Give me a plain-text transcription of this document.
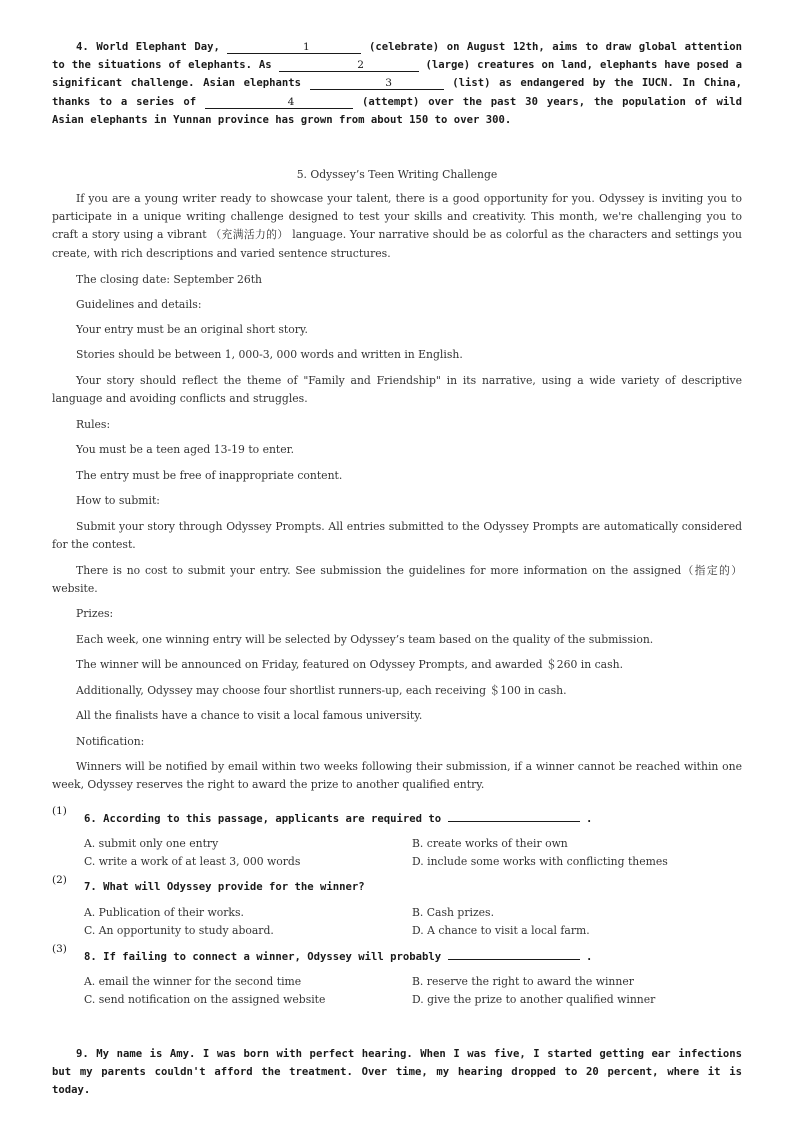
4. World Elephant Day,	1	(celebrate) on August 12th, aims to draw global attention to the situations of elephants. As	2	(large) creatures on land, elephants have posed a significant challenge. Asian elephants	3	(list) as endangered by the IUCN. In China, thanks to a series of	4	(attempt) over the past 30 years, the population of wild Asian elephants in Yunnan province has grown from about 150 to over 300.
5. Odyssey’s Teen Writing Challenge
If you are a young writer ready to showcase your talent, there is a good opportunity for you. Odyssey is inviting you to participate in a unique writing challenge designed to test your skills and creativity. This month, we're challenging you to craft a story using a vibrant （充满活力的） language. Your narrative should be as colorful as the characters and settings you create, with rich descriptions and varied sentence structures.
The closing date: September 26th
Guidelines and details:
Your entry must be an original short story.
Stories should be between 1, 000-3, 000 words and written in English.
Your story should reflect the theme of "Family and Friendship" in its narrative, using a wide variety of descriptive language and avoiding conflicts and struggles.
Rules:
You must be a teen aged 13-19 to enter.
The entry must be free of inappropriate content.
How to submit:
Submit your story through Odyssey Prompts. All entries submitted to the Odyssey Prompts are automatically considered for the contest.
There is no cost to submit your entry. See submission the guidelines for more information on the assigned（指定的） website.
Prizes:
Each week, one winning entry will be selected by Odyssey’s team based on the quality of the submission.
The winner will be announced on Friday, featured on Odyssey Prompts, and awarded ＄260 in cash.
Additionally, Odyssey may choose four shortlist runners-up, each receiving ＄100 in cash.
All the finalists have a chance to visit a local famous university.
Notification:
Winners will be notified by email within two weeks following their submission, if a winner cannot be reached within one week, Odyssey reserves the right to award the prize to another qualified entry.
(1)
6. According to this passage, applicants are required to	.
A. submit only one entry	B. create works of their own
C. write a work of at least 3, 000 words	D. include some works with conflicting themes
(2)
7. What will Odyssey provide for the winner?
A. Publication of their works.	B. Cash prizes.
C. An opportunity to study aboard.	D. A chance to visit a local farm.
(3)
8. If failing to connect a winner, Odyssey will probably	.
A. email the winner for the second time	B. reserve the right to award the winner
C. send notification on the assigned website	D. give the prize to another qualified winner
9. My name is Amy. I was born with perfect hearing. When I was five, I started getting ear infections but my parents couldn't afford the treatment. Over time, my hearing dropped to 20 percent, where it is today.
